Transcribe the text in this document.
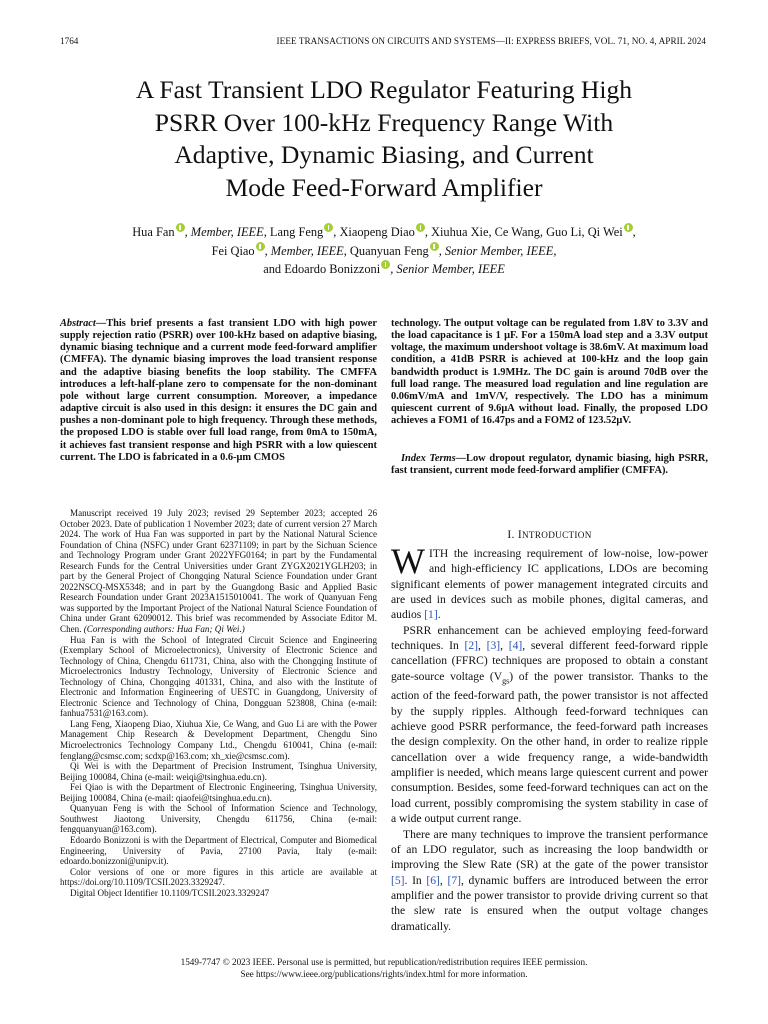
1764	IEEE TRANSACTIONS ON CIRCUITS AND SYSTEMS—II: EXPRESS BRIEFS, VOL. 71, NO. 4, APRIL 2024
A Fast Transient LDO Regulator Featuring High
PSRR Over 100-kHz Frequency Range With
Adaptive, Dynamic Biasing, and Current
Mode Feed-Forward Amplifier
Hua Fan , Member, IEEE, Lang Feng , Xiaopeng Diao , Xiuhua Xie, Ce Wang, Guo Li, Qi Wei ,
Fei Qiao , Member, IEEE, Quanyuan Feng , Senior Member, IEEE,
and Edoardo Bonizzoni , Senior Member, IEEE
Abstract—This brief presents a fast transient LDO with high power supply rejection ratio (PSRR) over 100-kHz based on adaptive biasing, dynamic biasing technique and a current mode feed-forward amplifier (CMFFA). The dynamic biasing improves the load transient response and the adaptive biasing benefits the loop stability. The CMFFA introduces a left-half-plane zero to compensate for the non-dominant pole without large current consumption. Moreover, a impedance adaptive circuit is also used in this design: it ensures the DC gain and pushes a non-dominant pole to high frequency. Through these methods, the proposed LDO is stable over full load range, from 0mA to 150mA, it achieves fast transient response and high PSRR with a low quiescent current. The LDO is fabricated in a 0.6-μm CMOS
technology. The output voltage can be regulated from 1.8V to 3.3V and the load capacitance is 1 μF. For a 150mA load step and a 3.3V output voltage, the maximum undershoot voltage is 38.6mV. At maximum load condition, a 41dB PSRR is achieved at 100-kHz and the loop gain bandwidth product is 1.9MHz. The DC gain is around 70dB over the full load range. The measured load regulation and line regulation are 0.06mV/mA and 1mV/V, respectively. The LDO has a minimum quiescent current of 9.6μA without load. Finally, the proposed LDO achieves a FOM1 of 16.47ps and a FOM2 of 123.52μV.
Index Terms—Low dropout regulator, dynamic biasing, high PSRR, fast transient, current mode feed-forward amplifier (CMFFA).

Manuscript received 19 July 2023; revised 29 September 2023; accepted 26 October 2023. Date of publication 1 November 2023; date of current version 27 March 2024. The work of Hua Fan was supported in part by the National Natural Science Foundation of China (NSFC) under Grant 62371109; in part by the Sichuan Science and Technology Program under Grant 2022YFG0164; in part by the Fundamental Research Funds for the Central Universities under Grant ZYGX2021YGLH203; in part by the General Project of Chongqing Natural Science Foundation under Grant 2022NSCQ-MSX5348; and in part by the Guangdong Basic and Applied Basic Research Foundation under Grant 2023A1515010041. The work of Quanyuan Feng was supported by the Important Project of the National Natural Science Foundation of China under Grant 62090012. This brief was recommended by Associate Editor M. Chen. (Corresponding authors: Hua Fan; Qi Wei.)

Hua Fan is with the School of Integrated Circuit Science and Engineering (Exemplary School of Microelectronics), University of Electronic Science and Technology of China, Chengdu 611731, China, also with the Chongqing Institute of Microelectronics Industry Technology, University of Electronic Science and Technology of China, Chongqing 401331, China, and also with the Institute of Electronic and Information Engineering of UESTC in Guangdong, University of Electronic Science and Technology of China, Dongguan 523808, China (e-mail: fanhua7531@163.com).

Lang Feng, Xiaopeng Diao, Xiuhua Xie, Ce Wang, and Guo Li are with the Power Management Chip Research & Development Department, Chengdu Sino Microelectronics Technology Company Ltd., Chengdu 610041, China (e-mail: fenglang@csmsc.com; scdxp@163.com; xh_xie@csmsc.com).

Qi Wei is with the Department of Precision Instrument, Tsinghua University, Beijing 100084, China (e-mail: weiqi@tsinghua.edu.cn).

Fei Qiao is with the Department of Electronic Engineering, Tsinghua University, Beijing 100084, China (e-mail: qiaofei@tsinghua.edu.cn).

Quanyuan Feng is with the School of Information Science and Technology, Southwest Jiaotong University, Chengdu 611756, China (e-mail: fengquanyuan@163.com).

Edoardo Bonizzoni is with the Department of Electrical, Computer and Biomedical Engineering, University of Pavia, 27100 Pavia, Italy (e-mail: edoardo.bonizzoni@unipv.it).

Color versions of one or more figures in this article are available at https://doi.org/10.1109/TCSII.2023.3329247.

Digital Object Identifier 10.1109/TCSII.2023.3329247

I. INTRODUCTION

WITH the increasing requirement of low-noise, low-power and high-efficiency IC applications, LDOs are becoming significant elements of power management integrated circuits and are used in devices such as mobile phones, digital cameras, and audios [1].

PSRR enhancement can be achieved employing feed-forward techniques. In [2], [3], [4], several different feed-forward ripple cancellation (FFRC) techniques are proposed to obtain a constant gate-source voltage $(V_{gs})$ of the power transistor. Thanks to the action of the feed-forward path, the power transistor is not affected by the supply ripples. Although feed-forward techniques can achieve good PSRR performance, the feed-forward path increases the design complexity. On the other hand, in order to realize ripple cancellation over a wide frequency range, a wide-bandwidth amplifier is needed, which means large quiescent current and power consumption. Besides, some feed-forward techniques can act on the load current, possibly compromising the system stability in case of a wide output current range.

There are many techniques to improve the transient performance of an LDO regulator, such as increasing the loop bandwidth or improving the Slew Rate (SR) at the gate of the power transistor [5]. In [6], [7], dynamic buffers are introduced between the error amplifier and the power transistor to provide driving current so that the slew rate is ensured when the output voltage changes dramatically.

1549-7747 © 2023 IEEE. Personal use is permitted, but republication/redistribution requires IEEE permission.
See https://www.ieee.org/publications/rights/index.html for more information.
